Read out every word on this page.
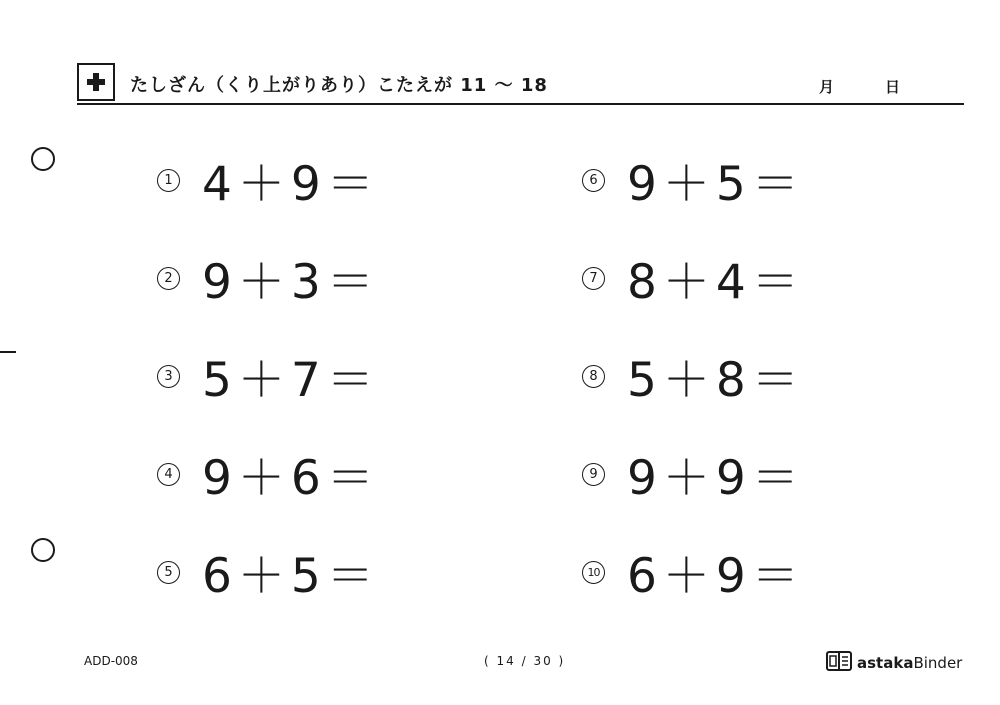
たしざん（くり上がりあり）こたえが 11 〜 18	月	日
1 4＋9＝
2 9＋3＝
3 5＋7＝
4 9＋6＝
5 6＋5＝
6 9＋5＝
7 8＋4＝
8 5＋8＝
9 9＋9＝
10 6＋9＝
ADD-008	( 14 / 30 )	astaka Binder
